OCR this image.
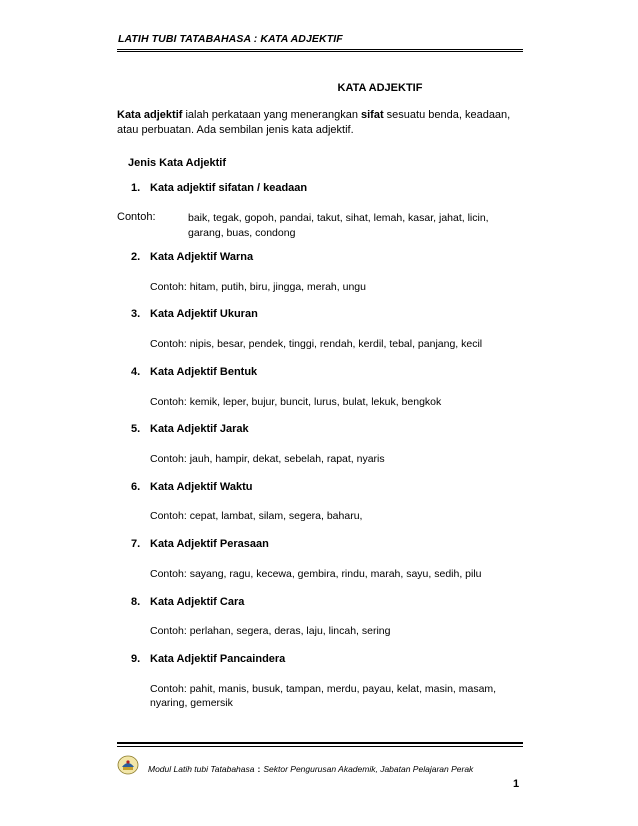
LATIH TUBI TATABAHASA : KATA ADJEKTIF
KATA ADJEKTIF
Kata adjektif ialah perkataan yang menerangkan sifat sesuatu benda, keadaan, atau perbuatan. Ada sembilan jenis kata adjektif.
Jenis Kata Adjektif
1. Kata adjektif sifatan / keadaan
Contoh:	baik, tegak, gopoh, pandai, takut, sihat, lemah, kasar, jahat, licin, garang, buas, condong
2. Kata Adjektif Warna
Contoh: hitam, putih, biru, jingga, merah, ungu
3. Kata Adjektif Ukuran
Contoh: nipis, besar, pendek, tinggi, rendah, kerdil, tebal, panjang, kecil
4. Kata Adjektif Bentuk
Contoh: kemik, leper, bujur, buncit, lurus, bulat, lekuk, bengkok
5. Kata Adjektif Jarak
Contoh: jauh, hampir, dekat, sebelah, rapat, nyaris
6. Kata Adjektif Waktu
Contoh: cepat, lambat, silam, segera, baharu,
7. Kata Adjektif Perasaan
Contoh: sayang, ragu, kecewa, gembira, rindu, marah, sayu, sedih, pilu
8. Kata Adjektif Cara
Contoh: perlahan, segera, deras, laju, lincah, sering
9. Kata Adjektif Pancaindera
Contoh: pahit, manis, busuk, tampan, merdu, payau, kelat, masin, masam, nyaring, gemersik
Modul Latih tubi Tatabahasa : Sektor Pengurusan Akademik, Jabatan Pelajaran Perak
1
